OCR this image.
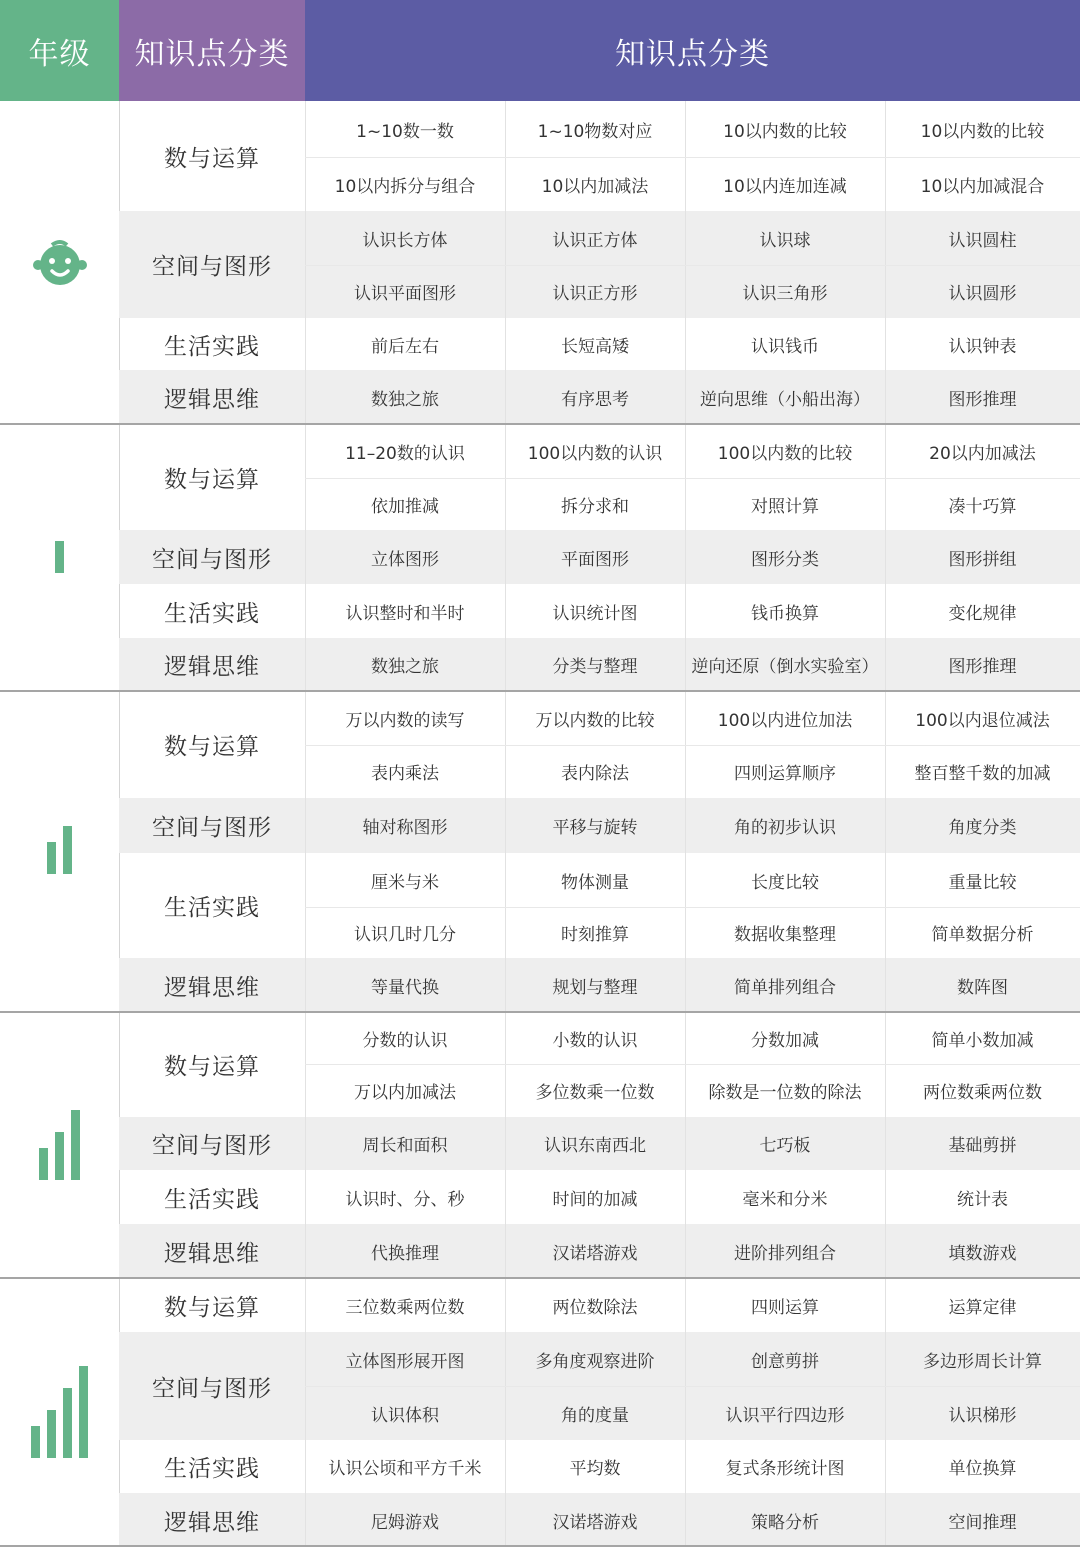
年级	知识点分类	知识点分类
数与运算
1~10数一数	1~10物数对应	10以内数的比较	10以内数的比较
10以内拆分与组合	10以内加减法	10以内连加连减	10以内加减混合
空间与图形
认识长方体	认识正方体	认识球	认识圆柱
认识平面图形	认识正方形	认识三角形	认识圆形
生活实践	前后左右	长短高矮	认识钱币	认识钟表
逻辑思维	数独之旅	有序思考	逆向思维（小船出海）	图形推理
数与运算
11–20数的认识	100以内数的认识	100以内数的比较	20以内加减法
依加推减	拆分求和	对照计算	凑十巧算
空间与图形	立体图形	平面图形	图形分类	图形拼组
生活实践	认识整时和半时	认识统计图	钱币换算	变化规律
逻辑思维	数独之旅	分类与整理	逆向还原（倒水实验室）	图形推理
数与运算
万以内数的读写	万以内数的比较	100以内进位加法	100以内退位减法
表内乘法	表内除法	四则运算顺序	整百整千数的加减
空间与图形	轴对称图形	平移与旋转	角的初步认识	角度分类
生活实践
厘米与米	物体测量	长度比较	重量比较
认识几时几分	时刻推算	数据收集整理	简单数据分析
逻辑思维	等量代换	规划与整理	简单排列组合	数阵图
数与运算
分数的认识	小数的认识	分数加减	简单小数加减
万以内加减法	多位数乘一位数	除数是一位数的除法	两位数乘两位数
空间与图形	周长和面积	认识东南西北	七巧板	基础剪拼
生活实践	认识时、分、秒	时间的加减	毫米和分米	统计表
逻辑思维	代换推理	汉诺塔游戏	进阶排列组合	填数游戏
数与运算	三位数乘两位数	两位数除法	四则运算	运算定律
空间与图形
立体图形展开图	多角度观察进阶	创意剪拼	多边形周长计算
认识体积	角的度量	认识平行四边形	认识梯形
生活实践	认识公顷和平方千米	平均数	复式条形统计图	单位换算
逻辑思维	尼姆游戏	汉诺塔游戏	策略分析	空间推理
